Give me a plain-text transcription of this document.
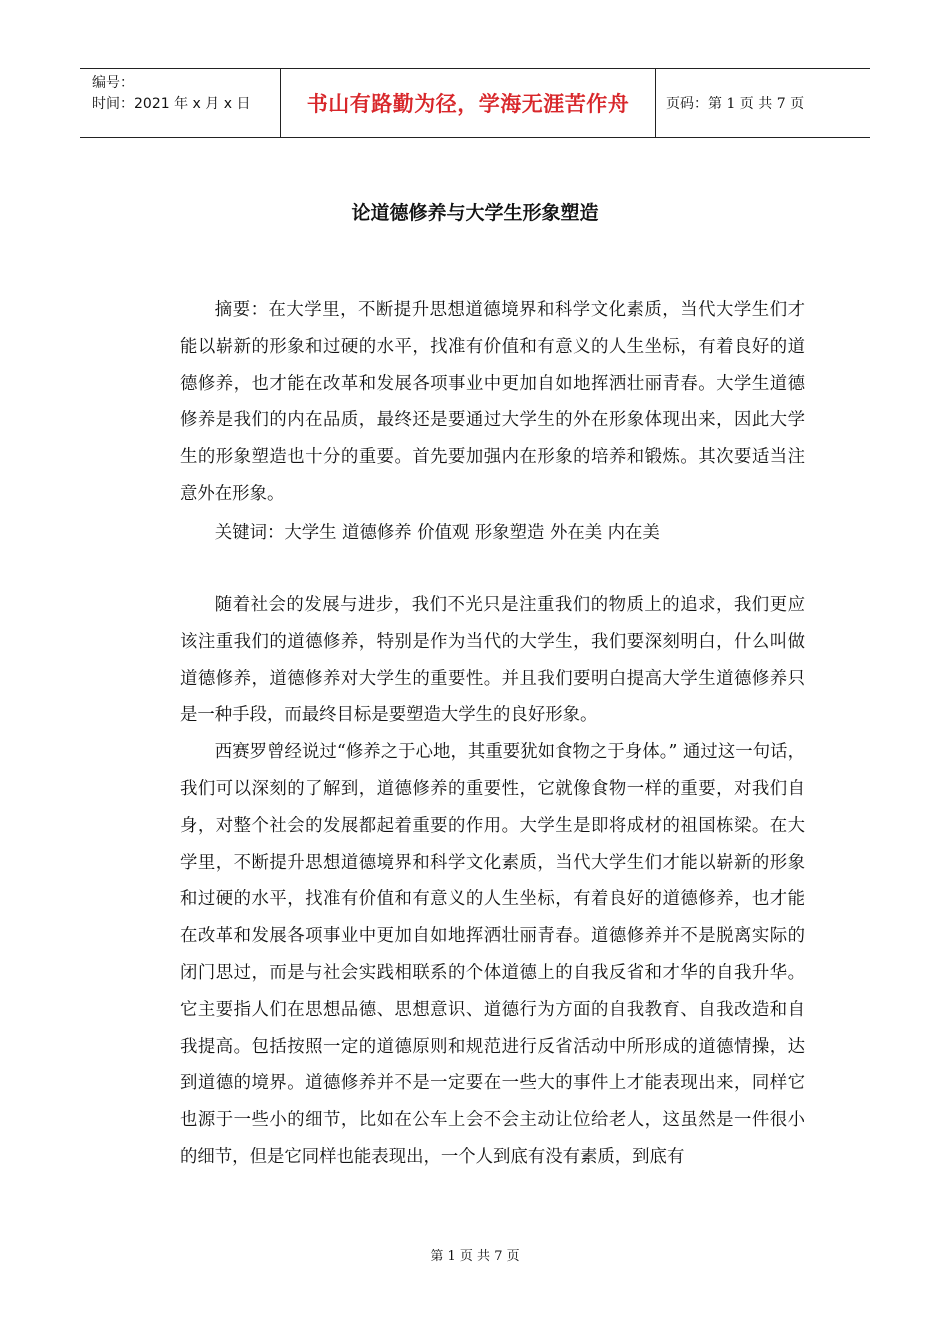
编号：
时间：2021 年 x 月 x 日	书山有路勤为径，学海无涯苦作舟	页码：第 1 页 共 7 页
论道德修养与大学生形象塑造

摘要：在大学里，不断提升思想道德境界和科学文化素质，当代大学生们才能以崭新的形象和过硬的水平，找准有价值和有意义的人生坐标，有着良好的道德修养，也才能在改革和发展各项事业中更加自如地挥洒壮丽青春。大学生道德修养是我们的内在品质，最终还是要通过大学生的外在形象体现出来，因此大学生的形象塑造也十分的重要。首先要加强内在形象的培养和锻炼。其次要适当注意外在形象。

关键词：大学生 道德修养 价值观 形象塑造 外在美 内在美

随着社会的发展与进步，我们不光只是注重我们的物质上的追求，我们更应该注重我们的道德修养，特别是作为当代的大学生，我们要深刻明白，什么叫做道德修养，道德修养对大学生的重要性。并且我们要明白提高大学生道德修养只是一种手段，而最终目标是要塑造大学生的良好形象。

西赛罗曾经说过“修养之于心地，其重要犹如食物之于身体。” 通过这一句话，我们可以深刻的了解到，道德修养的重要性，它就像食物一样的重要，对我们自身，对整个社会的发展都起着重要的作用。大学生是即将成材的祖国栋梁。在大学里，不断提升思想道德境界和科学文化素质，当代大学生们才能以崭新的形象和过硬的水平，找准有价值和有意义的人生坐标，有着良好的道德修养，也才能在改革和发展各项事业中更加自如地挥洒壮丽青春。道德修养并不是脱离实际的闭门思过，而是与社会实践相联系的个体道德上的自我反省和才华的自我升华。它主要指人们在思想品德、思想意识、道德行为方面的自我教育、自我改造和自我提高。包括按照一定的道德原则和规范进行反省活动中所形成的道德情操，达到道德的境界。道德修养并不是一定要在一些大的事件上才能表现出来，同样它也源于一些小的细节，比如在公车上会不会主动让位给老人，这虽然是一件很小的细节，但是它同样也能表现出，一个人到底有没有素质，到底有

第 1 页 共 7 页
